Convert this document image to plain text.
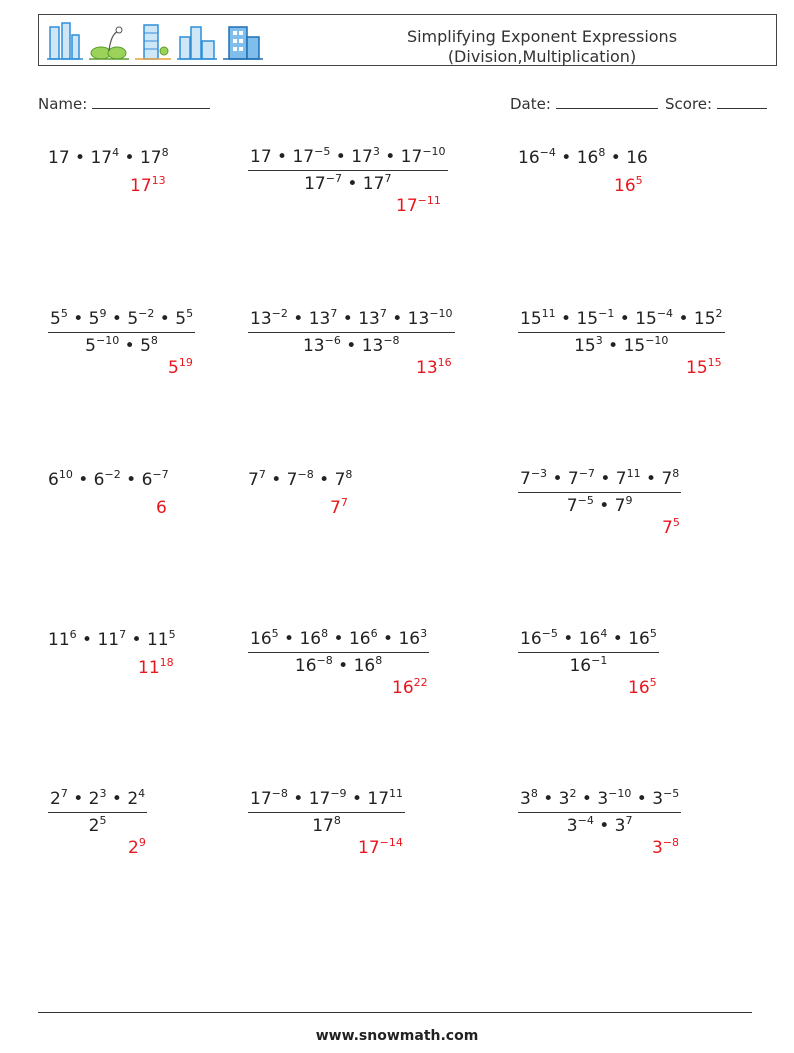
Simplifying Exponent Expressions
(Division,Multiplication)
Name:	Date:	Score:
17 • $17^4$ • $17^8$
$17^{13}$	$\frac{17 • 17^{-5} • 17^3 • 17^{-10}}{17^{-7} • 17^7}$
$17^{-11}$
$16^{-4}$ • $16^8$ • 16
$16^5$
$\frac{5^5 • 5^9 • 5^{-2} • 5^5}{5^{-10} • 5^8}$
$5^{19}$
$\frac{13^{-2} • 13^7 • 13^7 • 13^{-10}}{13^{-6} • 13^{-8}}$
$13^{16}$
$\frac{15^{11} • 15^{-1} • 15^{-4} • 15^2}{15^3 • 15^{-10}}$
$15^{15}$
$6^{10}$ • $6^{-2}$ • $6^{-7}$
6
$7^7$ • $7^{-8}$ • $7^8$
$7^7$	$\frac{7^{-3} • 7^{-7} • 7^{11} • 7^8}{7^{-5} • 7^9}$
$7^5$
$11^6$ • $11^7$ • $11^5$
$11^{18}$	$\frac{16^5 • 16^8 • 16^6 • 16^3}{16^{-8} • 16^8}$
$16^{22}$
$\frac{16^{-5} • 16^4 • 16^5}{16^{-1}}$
$16^5$
$\frac{2^7 • 2^3 • 2^4}{2^5}$
$2^9$
$\frac{17^{-8} • 17^{-9} • 17^{11}}{17^8}$
$17^{-14}$
$\frac{3^8 • 3^2 • 3^{-10} • 3^{-5}}{3^{-4} • 3^7}$
$3^{-8}$
www.snowmath.com
